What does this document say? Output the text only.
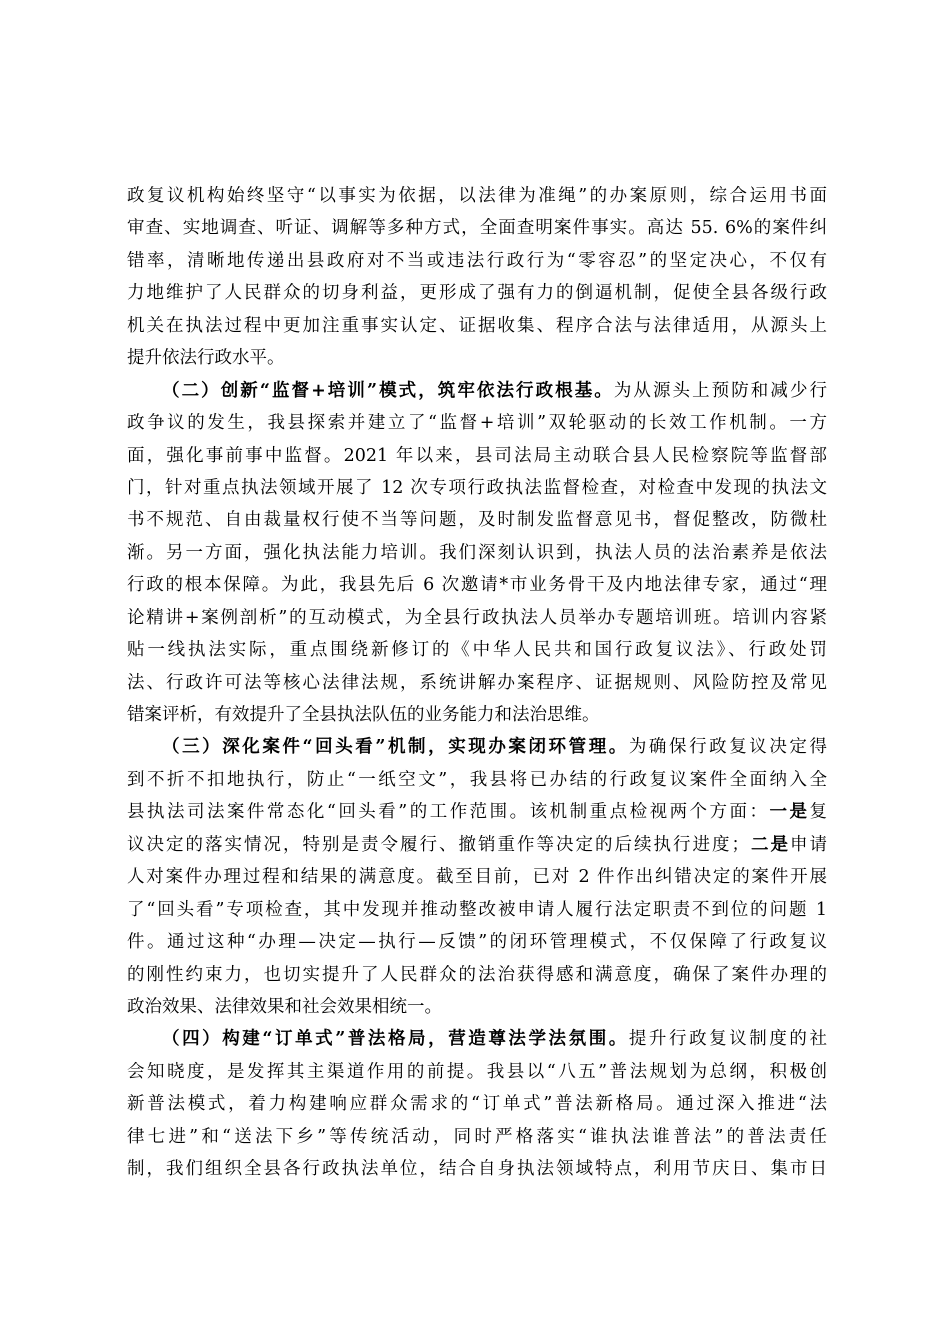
政复议机构始终坚守“以事实为依据，以法律为准绳”的办案原则，综合运用书面
审查、实地调查、听证、调解等多种方式，全面查明案件事实。高达 55. 6%的案件纠
错率，清晰地传递出县政府对不当或违法行政行为“零容忍”的坚定决心，不仅有
力地维护了人民群众的切身利益，更形成了强有力的倒逼机制，促使全县各级行政
机关在执法过程中更加注重事实认定、证据收集、程序合法与法律适用，从源头上
提升依法行政水平。
（二）创新“监督+培训”模式，筑牢依法行政根基。为从源头上预防和减少行
政争议的发生，我县探索并建立了“监督+培训”双轮驱动的长效工作机制。一方
面，强化事前事中监督。2021 年以来，县司法局主动联合县人民检察院等监督部
门，针对重点执法领域开展了 12 次专项行政执法监督检查，对检查中发现的执法文
书不规范、自由裁量权行使不当等问题，及时制发监督意见书，督促整改，防微杜
渐。另一方面，强化执法能力培训。我们深刻认识到，执法人员的法治素养是依法
行政的根本保障。为此，我县先后 6 次邀请*市业务骨干及内地法律专家，通过“理
论精讲+案例剖析”的互动模式，为全县行政执法人员举办专题培训班。培训内容紧
贴一线执法实际，重点围绕新修订的《中华人民共和国行政复议法》、行政处罚
法、行政许可法等核心法律法规，系统讲解办案程序、证据规则、风险防控及常见
错案评析，有效提升了全县执法队伍的业务能力和法治思维。
（三）深化案件“回头看”机制，实现办案闭环管理。为确保行政复议决定得
到不折不扣地执行，防止“一纸空文”，我县将已办结的行政复议案件全面纳入全
县执法司法案件常态化“回头看”的工作范围。该机制重点检视两个方面：一是复
议决定的落实情况，特别是责令履行、撤销重作等决定的后续执行进度；二是申请
人对案件办理过程和结果的满意度。截至目前，已对 2 件作出纠错决定的案件开展
了“回头看”专项检查，其中发现并推动整改被申请人履行法定职责不到位的问题 1
件。通过这种“办理—决定—执行—反馈”的闭环管理模式，不仅保障了行政复议
的刚性约束力，也切实提升了人民群众的法治获得感和满意度，确保了案件办理的
政治效果、法律效果和社会效果相统一。
（四）构建“订单式”普法格局，营造尊法学法氛围。提升行政复议制度的社
会知晓度，是发挥其主渠道作用的前提。我县以“八五”普法规划为总纲，积极创
新普法模式，着力构建响应群众需求的“订单式”普法新格局。通过深入推进“法
律七进”和“送法下乡”等传统活动，同时严格落实“谁执法谁普法”的普法责任
制，我们组织全县各行政执法单位，结合自身执法领域特点，利用节庆日、集市日
